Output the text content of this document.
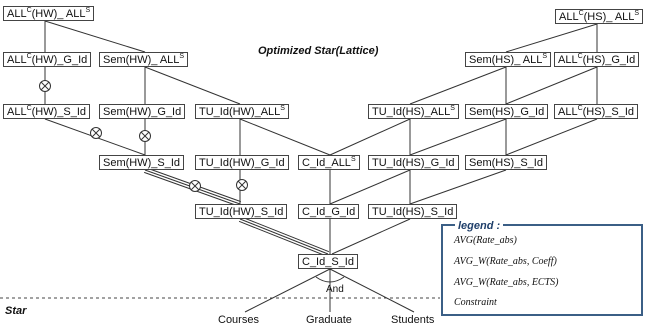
Optimized Star(Lattice)
$ALL^C(HW)\_$ $ALL^S$
$ALL^C(HS)\_$ $ALL^S$
$ALL^C(HW)\_G\_Id$	Sem(HW)_ $ALL^S$	Sem(HS)_ $ALL^S$ $ALL^C(HS)\_G\_Id$
$ALL^C(HW)\_S\_Id$	Sem(HW)_G_Id	$TU\_Id(HW)\_ALL^S$	$TU\_Id(HS)\_ALL^S$	Sem(HS)_G_Id	$ALL^C(HS)\_S\_Id$
Sem(HW)_S_Id	TU_Id(HW)_G_Id	$C\_Id\_ALL^S$	TU_Id(HS)_G_Id	Sem(HS)_S_Id
TU_Id(HW)_S_Id	C_Id_G_Id	TU_Id(HS)_S_Id
C_Id_S_Id
And
Star
Courses	Graduate	Students
legend :
AVG(Rate_abs)
AVG_W(Rate_abs, Coeff)
AVG_W(Rate_abs, ECTS)
Constraint
